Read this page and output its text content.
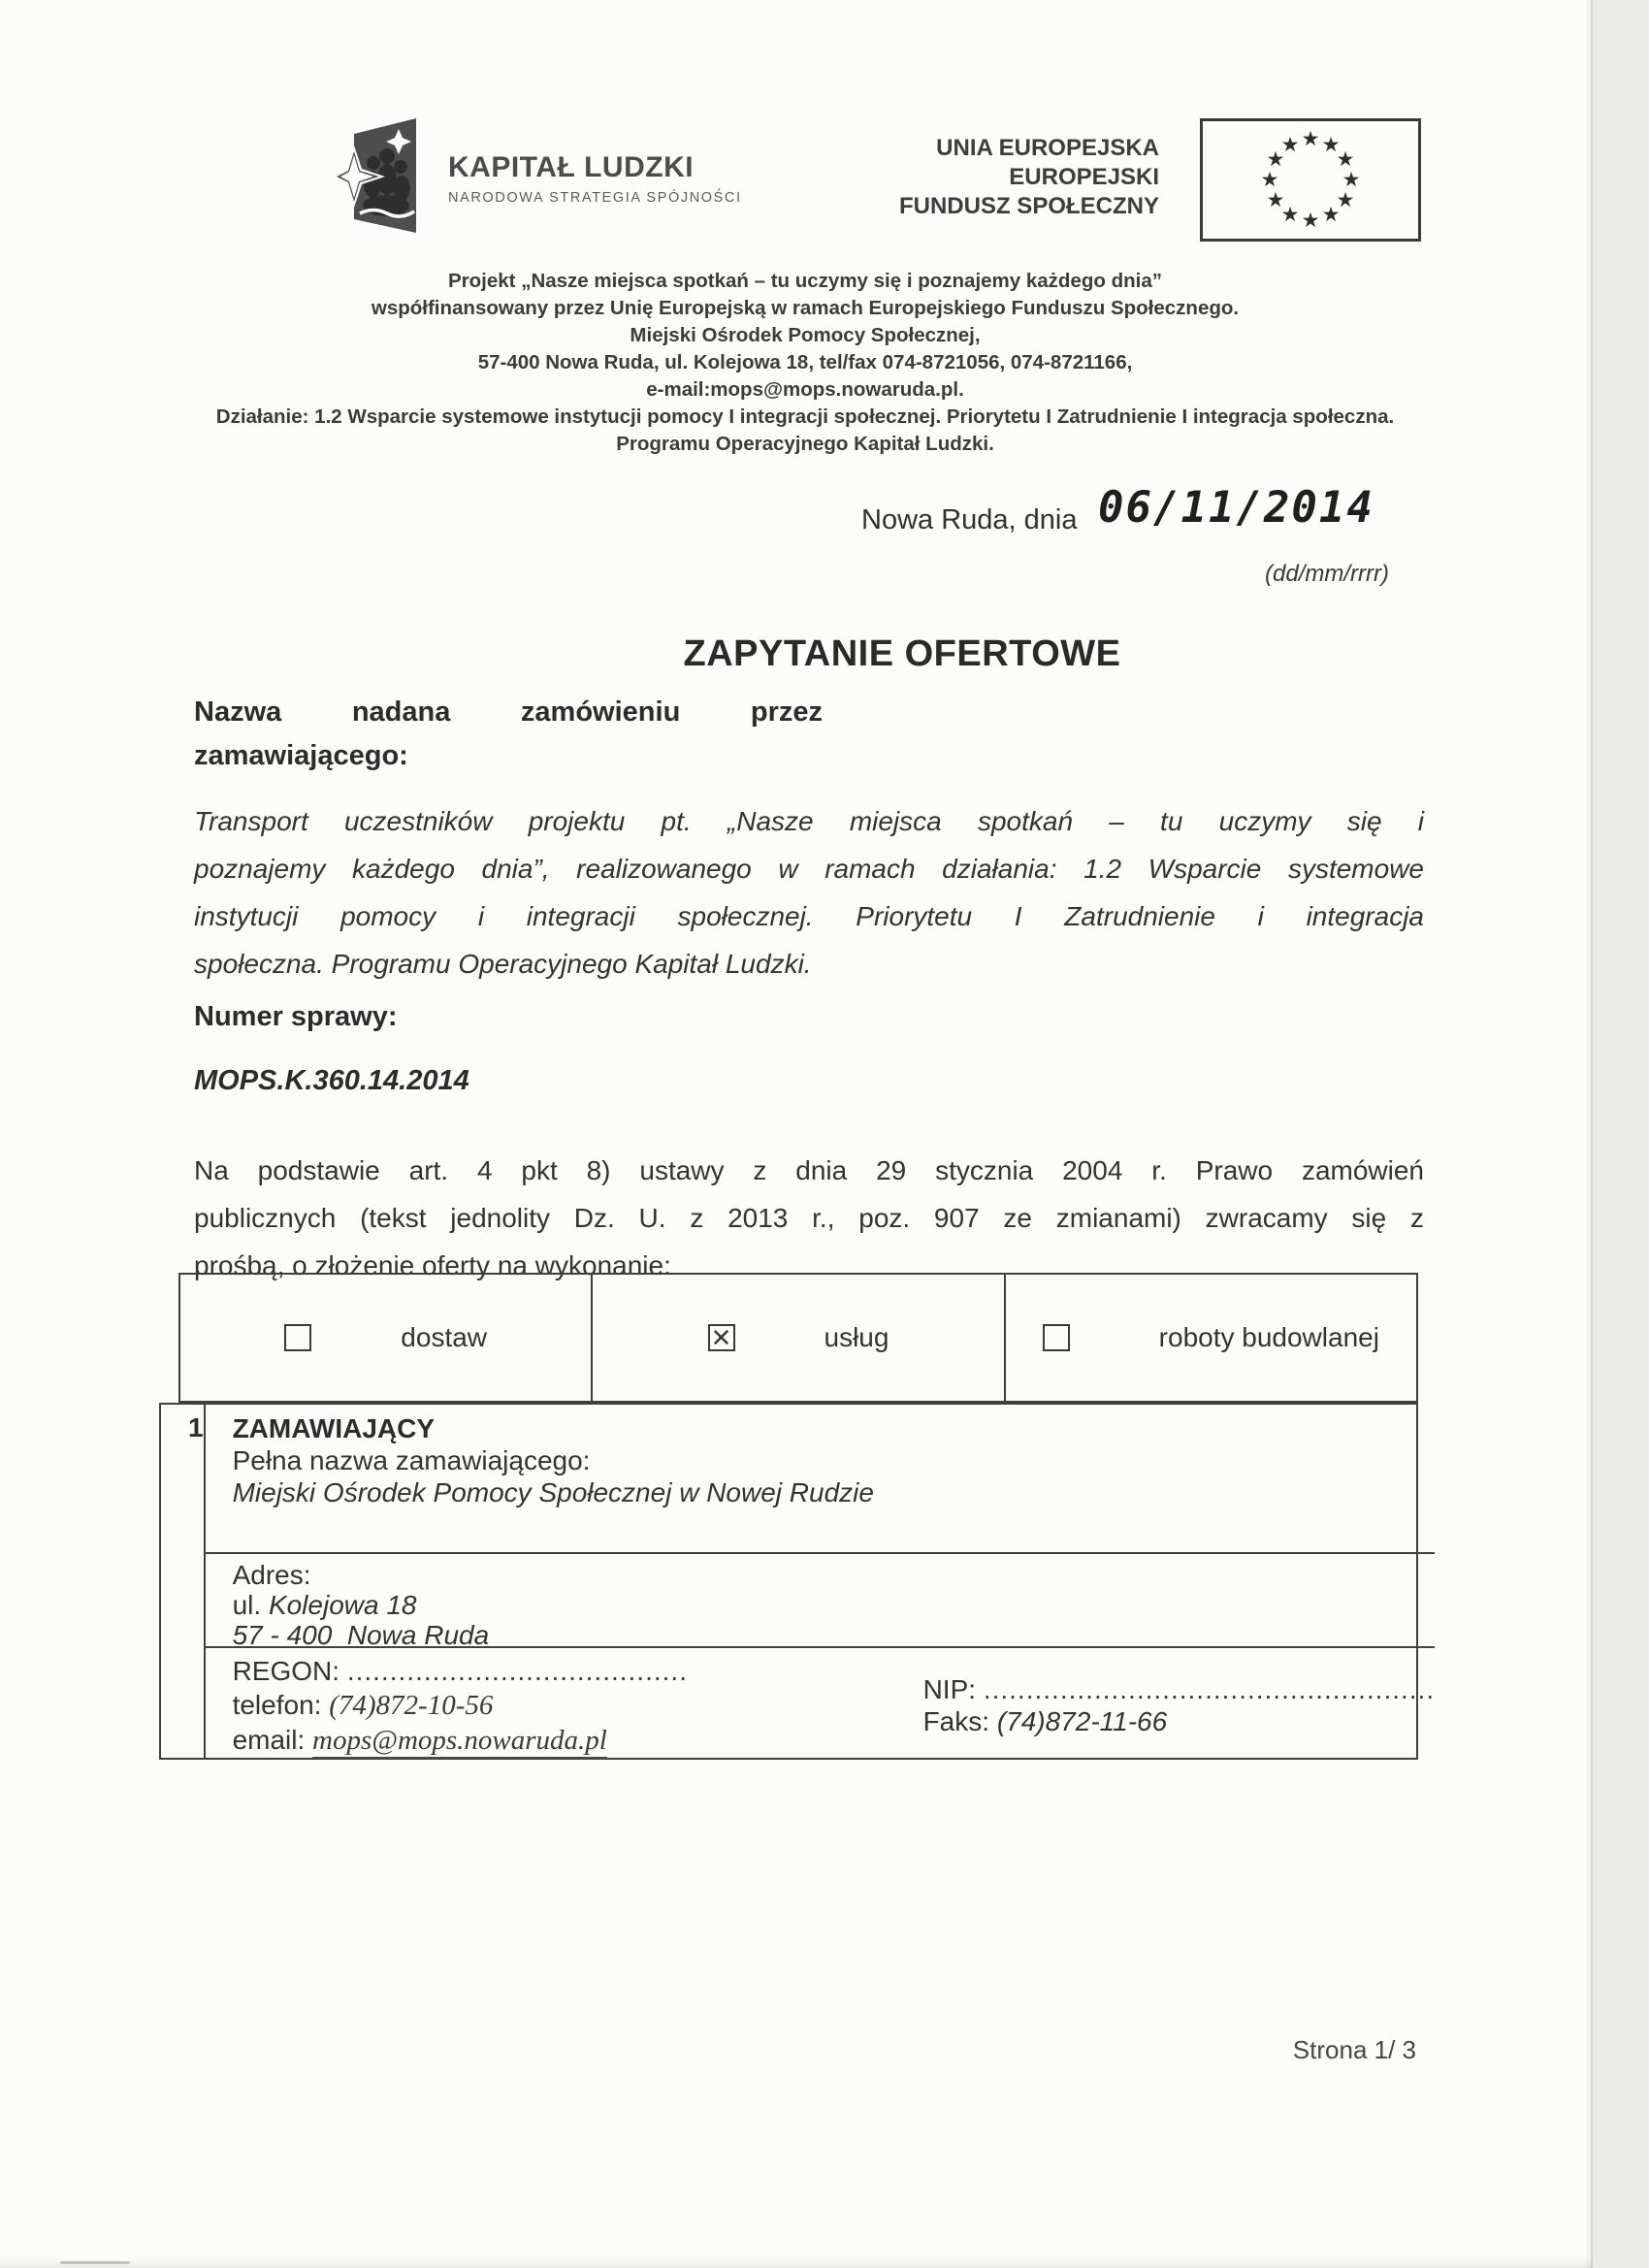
KAPITAŁ LUDZKI
NARODOWA STRATEGIA SPÓJNOŚCI
UNIA EUROPEJSKA
EUROPEJSKI
FUNDUSZ SPOŁECZNY
★ ★
★
★
★
★
★
★
★
★
★
★
Projekt „Nasze miejsca spotkań – tu uczymy się i poznajemy każdego dnia”
współfinansowany przez Unię Europejską w ramach Europejskiego Funduszu Społecznego.
Miejski Ośrodek Pomocy Społecznej,
57-400 Nowa Ruda, ul. Kolejowa 18, tel/fax 074-8721056, 074-8721166,
e-mail:mops@mops.nowaruda.pl.
Działanie: 1.2 Wsparcie systemowe instytucji pomocy I integracji społecznej. Priorytetu I Zatrudnienie I integracja społeczna.
Programu Operacyjnego Kapitał Ludzki.
Nowa Ruda, dnia 06/11/2014
(dd/mm/rrrr)
ZAPYTANIE OFERTOWE
Nazwa nadana zamówieniu przez
zamawiającego:
Transport uczestników projektu pt. „Nasze miejsca spotkań – tu uczymy się i
poznajemy każdego dnia”, realizowanego w ramach działania: 1.2 Wsparcie systemowe
instytucji pomocy i integracji społecznej. Priorytetu I Zatrudnienie i integracja
społeczna. Programu Operacyjnego Kapitał Ludzki.
Numer sprawy:
MOPS.K.360.14.2014
Na podstawie art. 4 pkt 8) ustawy z dnia 29 stycznia 2004 r. Prawo zamówień
publicznych (tekst jednolity Dz. U. z 2013 r., poz. 907 ze zmianami) zwracamy się z
prośbą, o złożenie oferty na wykonanie:
dostaw	✕	usług	roboty budowlanej
1 ZAMAWIAJĄCY
Pełna nazwa zamawiającego:
Miejski Ośrodek Pomocy Społecznej w Nowej Rudzie
Adres:
ul. Kolejowa 18
57 - 400  Nowa Ruda
REGON: ........................................
telefon: (74)872-10-56
email: mops@mops.nowaruda.pl
NIP: .....................................................
Faks: (74)872-11-66
Strona 1/ 3
